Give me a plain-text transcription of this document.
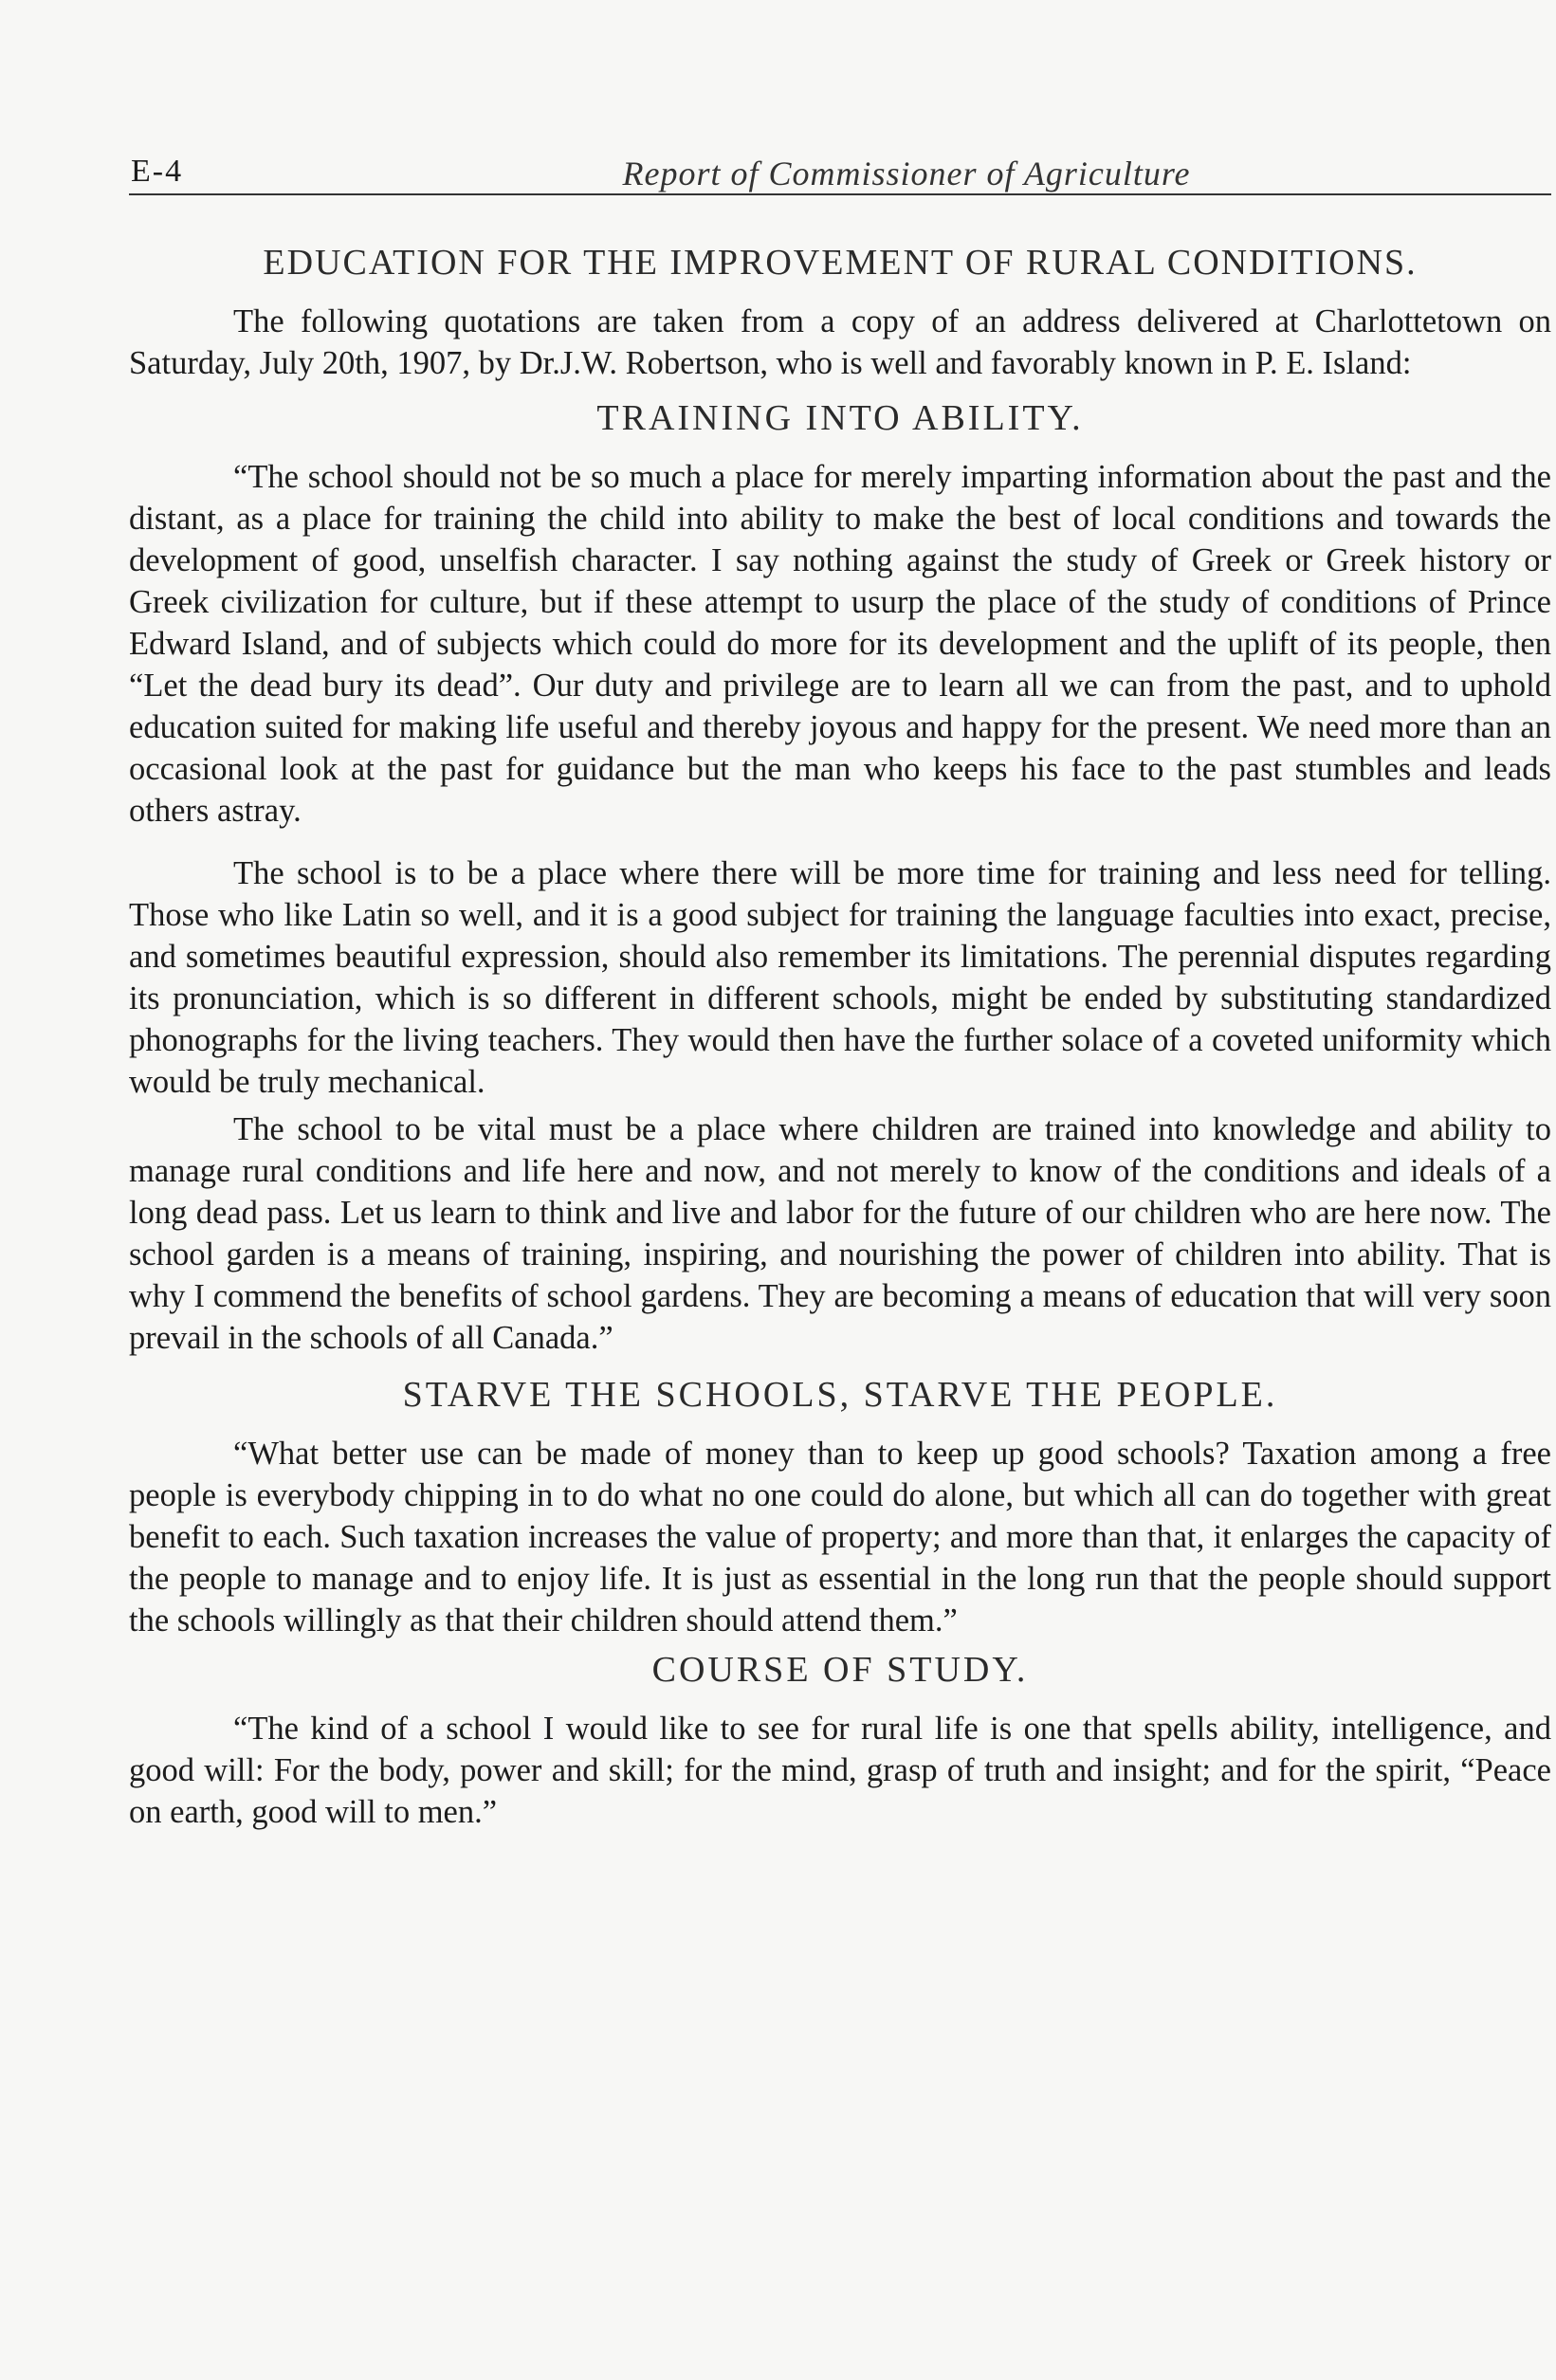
E-4	Report of Commissioner of Agriculture
EDUCATION FOR THE IMPROVEMENT OF RURAL CONDITIONS.

The following quotations are taken from a copy of an address delivered at Charlottetown on Saturday, July 20th, 1907, by Dr.J.W. Robertson, who is well and favorably known in P. E. Island:

TRAINING INTO ABILITY.

“The school should not be so much a place for merely imparting information about the past and the distant, as a place for training the child into ability to make the best of local conditions and towards the development of good, unselfish character. I say nothing against the study of Greek or Greek history or Greek civilization for culture, but if these attempt to usurp the place of the study of conditions of Prince Edward Island, and of subjects which could do more for its development and the uplift of its people, then “Let the dead bury its dead”. Our duty and privilege are to learn all we can from the past, and to uphold education suited for making life useful and thereby joyous and happy for the present. We need more than an occasional look at the past for guidance but the man who keeps his face to the past stumbles and leads others astray.

The school is to be a place where there will be more time for training and less need for telling. Those who like Latin so well, and it is a good subject for training the language faculties into exact, precise, and sometimes beautiful expression, should also remember its limitations. The perennial disputes regarding its pronunciation, which is so different in different schools, might be ended by substituting standardized phonographs for the living teachers. They would then have the further solace of a coveted uniformity which would be truly mechanical.

The school to be vital must be a place where children are trained into knowledge and ability to manage rural conditions and life here and now, and not merely to know of the conditions and ideals of a long dead pass. Let us learn to think and live and labor for the future of our children who are here now. The school garden is a means of training, inspiring, and nourishing the power of children into ability. That is why I commend the benefits of school gardens. They are becoming a means of education that will very soon prevail in the schools of all Canada.”

STARVE THE SCHOOLS, STARVE THE PEOPLE.

“What better use can be made of money than to keep up good schools? Taxation among a free people is everybody chipping in to do what no one could do alone, but which all can do together with great benefit to each. Such taxation increases the value of property; and more than that, it enlarges the capacity of the people to manage and to enjoy life. It is just as essential in the long run that the people should support the schools willingly as that their children should attend them.”

COURSE OF STUDY.

“The kind of a school I would like to see for rural life is one that spells ability, intelligence, and good will: For the body, power and skill; for the mind, grasp of truth and insight; and for the spirit, “Peace on earth, good will to men.”
